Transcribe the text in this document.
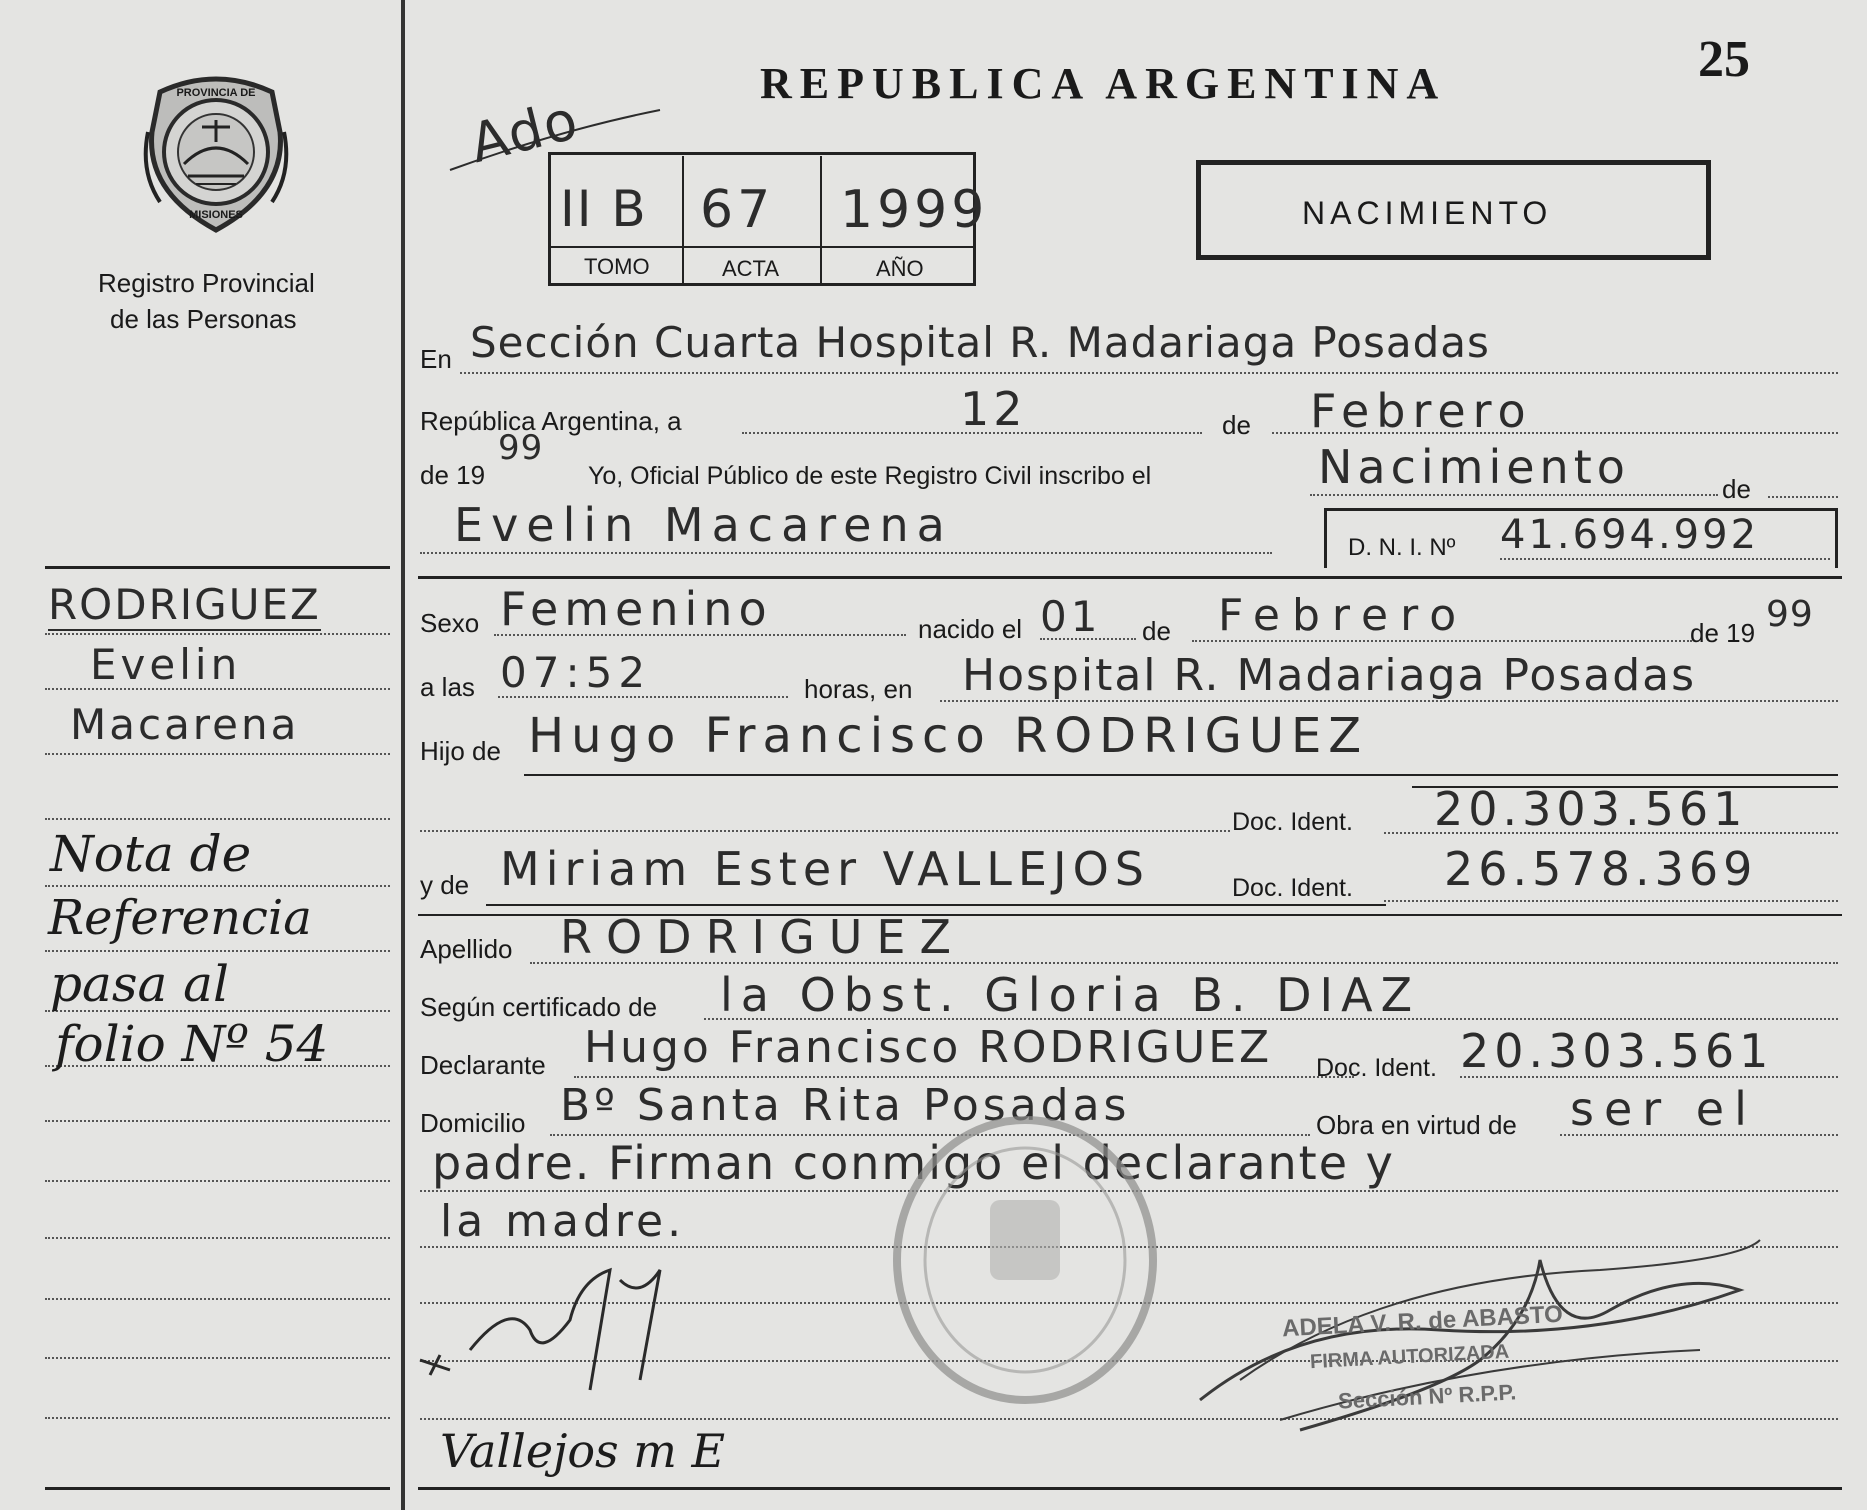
PROVINCIA DE
MISIONES
Registro Provincial
de las Personas
RODRIGUEZ
Evelin
Macarena
Nota de
Referencia
pasa al
folio Nº 54
25
REPUBLICA ARGENTINA
Ado
II B 67 1999
TOMO	ACTA	AÑO
NACIMIENTO
En Sección Cuarta Hospital R. Madariaga Posadas
República Argentina, a	12	de Febrero
de 19
99
Yo, Oficial Público de este Registro Civil inscribo el	Nacimiento	de
Evelin Macarena	D. N. I. Nº 41.694.992
Sexo Femenino	nacido el 01 de Febrero	de 19 99
a las 07:52	horas, en Hospital R. Madariaga Posadas
Hijo de Hugo Francisco RODRIGUEZ
Doc. Ident. 20.303.561
y de Miriam Ester VALLEJOS	Doc. Ident. 26.578.369
Apellido RODRIGUEZ
Según certificado de la Obst. Gloria B. DIAZ
Declarante Hugo Francisco RODRIGUEZ Doc. Ident. 20.303.561
Domicilio Bº Santa Rita Posadas	Obra en virtud de ser el
padre. Firman conmigo el declarante y
la madre.
ADELA V. R. de ABASTO
FIRMA AUTORIZADA
Sección Nº R.P.P.
Vallejos m E
